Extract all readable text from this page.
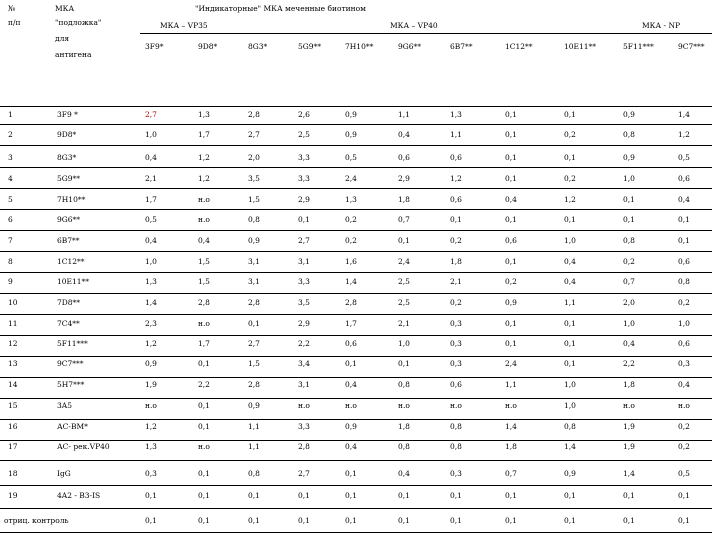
№
п/п
МКА
"подложка"
для
антигена
"Индикаторные" МКА меченные биотином
МКА – VP35	МКА – VP40	МКА - NP
3F9*	9D8*	8G3*	5G9**	7H10**	9G6**	6B7**	1C12**	10E11**	5F11***	9C7***
1	3F9 *	2,7	1,3	2,8	2,6	0,9	1,1	1,3	0,1	0,1	0,9	1,4
2	9D8*	1,0	1,7	2,7	2,5	0,9	0,4	1,1	0,1	0,2	0,8	1,2
3	8G3*	0,4	1,2	2,0	3,3	0,5	0,6	0,6	0,1	0,1	0,9	0,5
4	5G9**	2,1	1,2	3,5	3,3	2,4	2,9	1,2	0,1	0,2	1,0	0,6
5	7H10**	1,7	н.о	1,5	2,9	1,3	1,8	0,6	0,4	1,2	0,1	0,4
6	9G6**	0,5	н.о	0,8	0,1	0,2	0,7	0,1	0,1	0,1	0,1	0,1
7	6B7**	0,4	0,4	0,9	2,7	0,2	0,1	0,2	0,6	1,0	0,8	0,1
8	1C12**	1,0	1,5	3,1	3,1	1,6	2,4	1,8	0,1	0,4	0,2	0,6
9	10E11**	1,3	1,5	3,1	3,3	1,4	2,5	2,1	0,2	0,4	0,7	0,8
10	7D8**	1,4	2,8	2,8	3,5	2,8	2,5	0,2	0,9	1,1	2,0	0,2
11	7C4**	2,3	н.о	0,1	2,9	1,7	2,1	0,3	0,1	0,1	1,0	1,0
12	5F11***	1,2	1,7	2,7	2,2	0,6	1,0	0,3	0,1	0,1	0,4	0,6
13	9C7***	0,9	0,1	1,5	3,4	0,1	0,1	0,3	2,4	0,1	2,2	0,3
14	5H7***	1,9	2,2	2,8	3,1	0,4	0,8	0,6	1,1	1,0	1,8	0,4
15	3A5	н.о	0,1	0,9	н.о	н.о	н.о	н.о	н.о	1,0	н.о	н.о
16	АС-ВМ*	1,2	0,1	1,1	3,3	0,9	1,8	0,8	1,4	0,8	1,9	0,2
17	АС- рек.VP40	1,3	н.о	1,1	2,8	0,4	0,8	0,8	1,8	1,4	1,9	0,2
18	IgG	0,3	0,1	0,8	2,7	0,1	0,4	0,3	0,7	0,9	1,4	0,5
19	4A2 - B3-IS	0,1	0,1	0,1	0,1	0,1	0,1	0,1	0,1	0,1	0,1	0,1
отриц. контроль	0,1	0,1	0,1	0,1	0,1	0,1	0,1	0,1	0,1	0,1	0,1
